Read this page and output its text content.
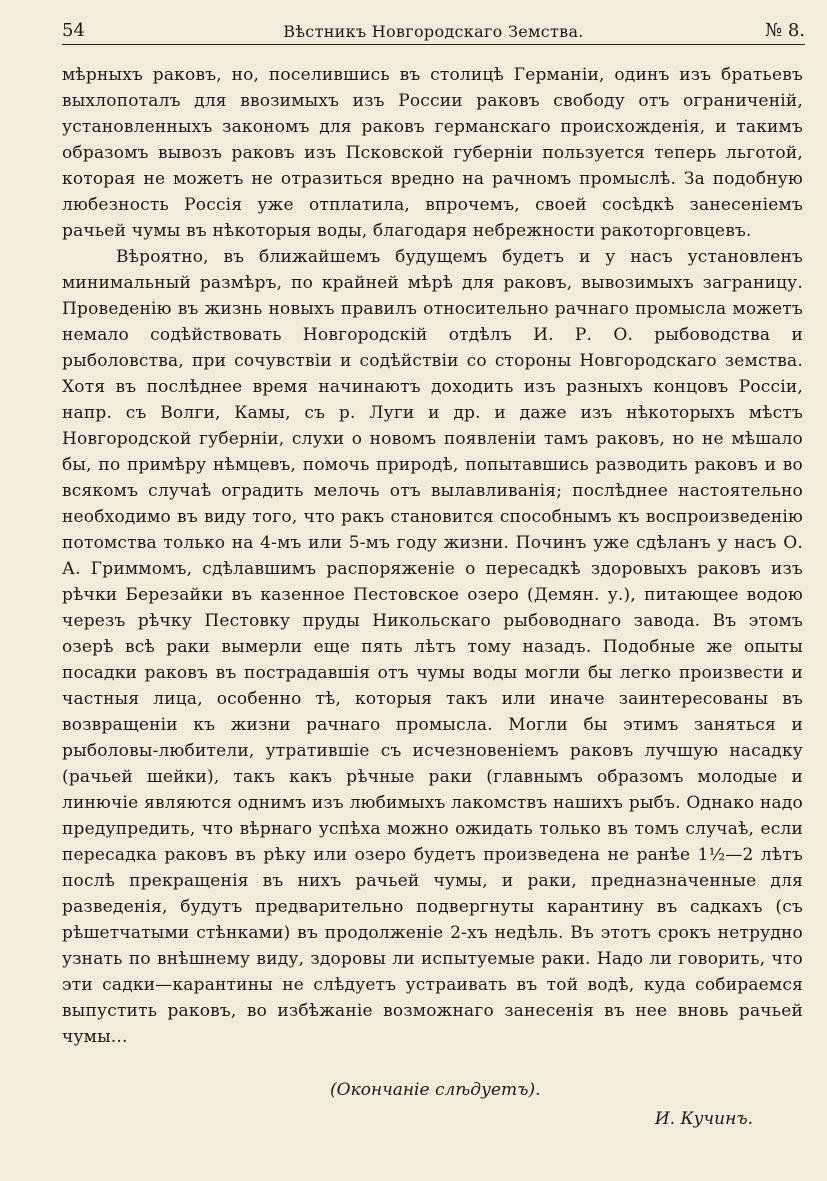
54	Вѣстникъ Новгородскаго Земства.	№ 8.

мѣрныхъ раковъ, но, поселившись въ столицѣ Германіи, одинъ изъ братьевъ выхлопоталъ для ввозимыхъ изъ России раковъ свободу отъ ограниченій, установленныхъ закономъ для раковъ германскаго происхожденія, и такимъ образомъ вывозъ раковъ изъ Псковской губерніи пользуется теперь льготой, которая не можетъ не отразиться вредно на рачномъ промыслѣ. За подобную любезность Россія уже отплатила, впрочемъ, своей сосѣдкѣ занесеніемъ рачьей чумы въ нѣкоторыя воды, благодаря небрежности ракоторговцевъ.

Вѣроятно, въ ближайшемъ будущемъ будетъ и у насъ установленъ минимальный размѣръ, по крайней мѣрѣ для раковъ, вывозимыхъ заграницу. Проведенію въ жизнь новыхъ правилъ относительно рачнаго промысла можетъ немало содѣйствовать Новгородскій отдѣлъ И. Р. О. рыбоводства и рыболовства, при сочувствіи и содѣйствіи со стороны Новгородскаго земства. Хотя въ послѣднее время начинаютъ доходить изъ разныхъ концовъ Россіи, напр. съ Волги, Камы, съ р. Луги и др. и даже изъ нѣкоторыхъ мѣстъ Новгородской губерніи, слухи о новомъ появленіи тамъ раковъ, но не мѣшало бы, по примѣру нѣмцевъ, помочь природѣ, попытавшись разводить раковъ и во всякомъ случаѣ оградить мелочь отъ вылавливанія; послѣднее настоятельно необходимо въ виду того, что ракъ становится способнымъ къ воспроизведенію потомства только на 4-мъ или 5-мъ году жизни. Починъ уже сдѣланъ у насъ О. А. Гриммомъ, сдѣлавшимъ распоряженіе о пересадкѣ здоровыхъ раковъ изъ рѣчки Березайки въ казенное Пестовское озеро (Демян. у.), питающее водою черезъ рѣчку Пестовку пруды Никольскаго рыбоводнаго завода. Въ этомъ озерѣ всѣ раки вымерли еще пять лѣтъ тому назадъ. Подобные же опыты посадки раковъ въ пострадавшія отъ чумы воды могли бы легко произвести и частныя лица, особенно тѣ, которыя такъ или иначе заинтересованы въ возвращеніи къ жизни рачнаго промысла. Могли бы этимъ заняться и рыболовы-любители, утратившіе съ исчезновеніемъ раковъ лучшую насадку (рачьей шейки), такъ какъ рѣчные раки (главнымъ образомъ молодые и линючіе являются однимъ изъ любимыхъ лакомствъ нашихъ рыбъ. Однако надо предупредить, что вѣрнаго успѣха можно ожидать только въ томъ случаѣ, если пересадка раковъ въ рѣку или озеро будетъ произведена не ранѣе 1½—2 лѣтъ послѣ прекращенія въ нихъ рачьей чумы, и раки, предназначенные для разведенія, будутъ предварительно подвергнуты карантину въ садкахъ (съ рѣшетчатыми стѣнками) въ продолженіе 2-хъ недѣль. Въ этотъ срокъ нетрудно узнать по внѣшнему виду, здоровы ли испытуемые раки. Надо ли говорить, что эти садки—карантины не слѣдуетъ устраивать въ той водѣ, куда собираемся выпустить раковъ, во избѣжаніе возможнаго занесенія въ нее вновь рачьей чумы...

(Окончаніе слѣдуетъ).
И. Кучинъ.
